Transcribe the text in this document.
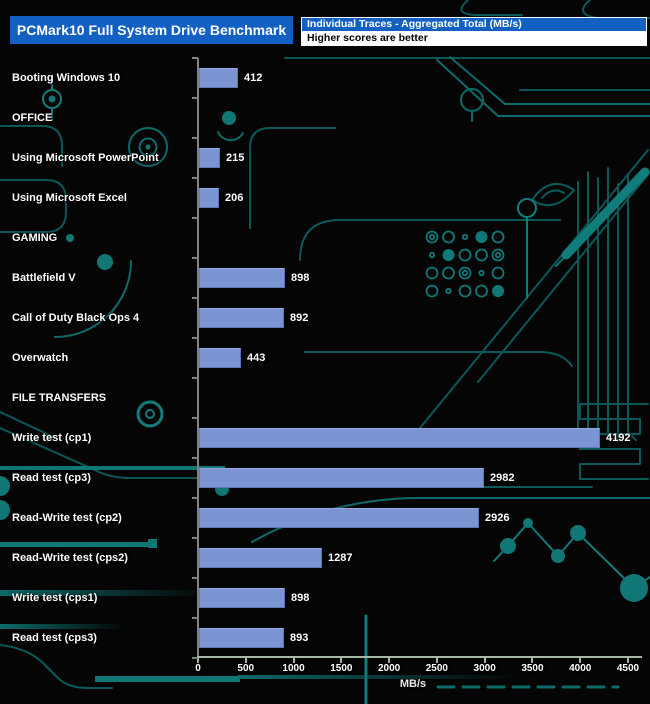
PCMark10 Full System Drive Benchmark	Individual Traces - Aggregated Total (MB/s)
Higher scores are better
Booting Windows 10	412
OFFICE
Using Microsoft PowerPoint	215
Using Microsoft Excel	206
GAMING
Battlefield V	898
Call of Duty Black Ops 4	892
Overwatch	443
FILE TRANSFERS
Write test (cp1)	4192
Read test (cp3)	2982
Read-Write test (cp2)	2926
Read-Write test (cps2)	1287
Write test (cps1)	898
Read test (cps3)	893
0	500	1000	1500	2000	2500	3000	3500	4000	4500
MB/s
